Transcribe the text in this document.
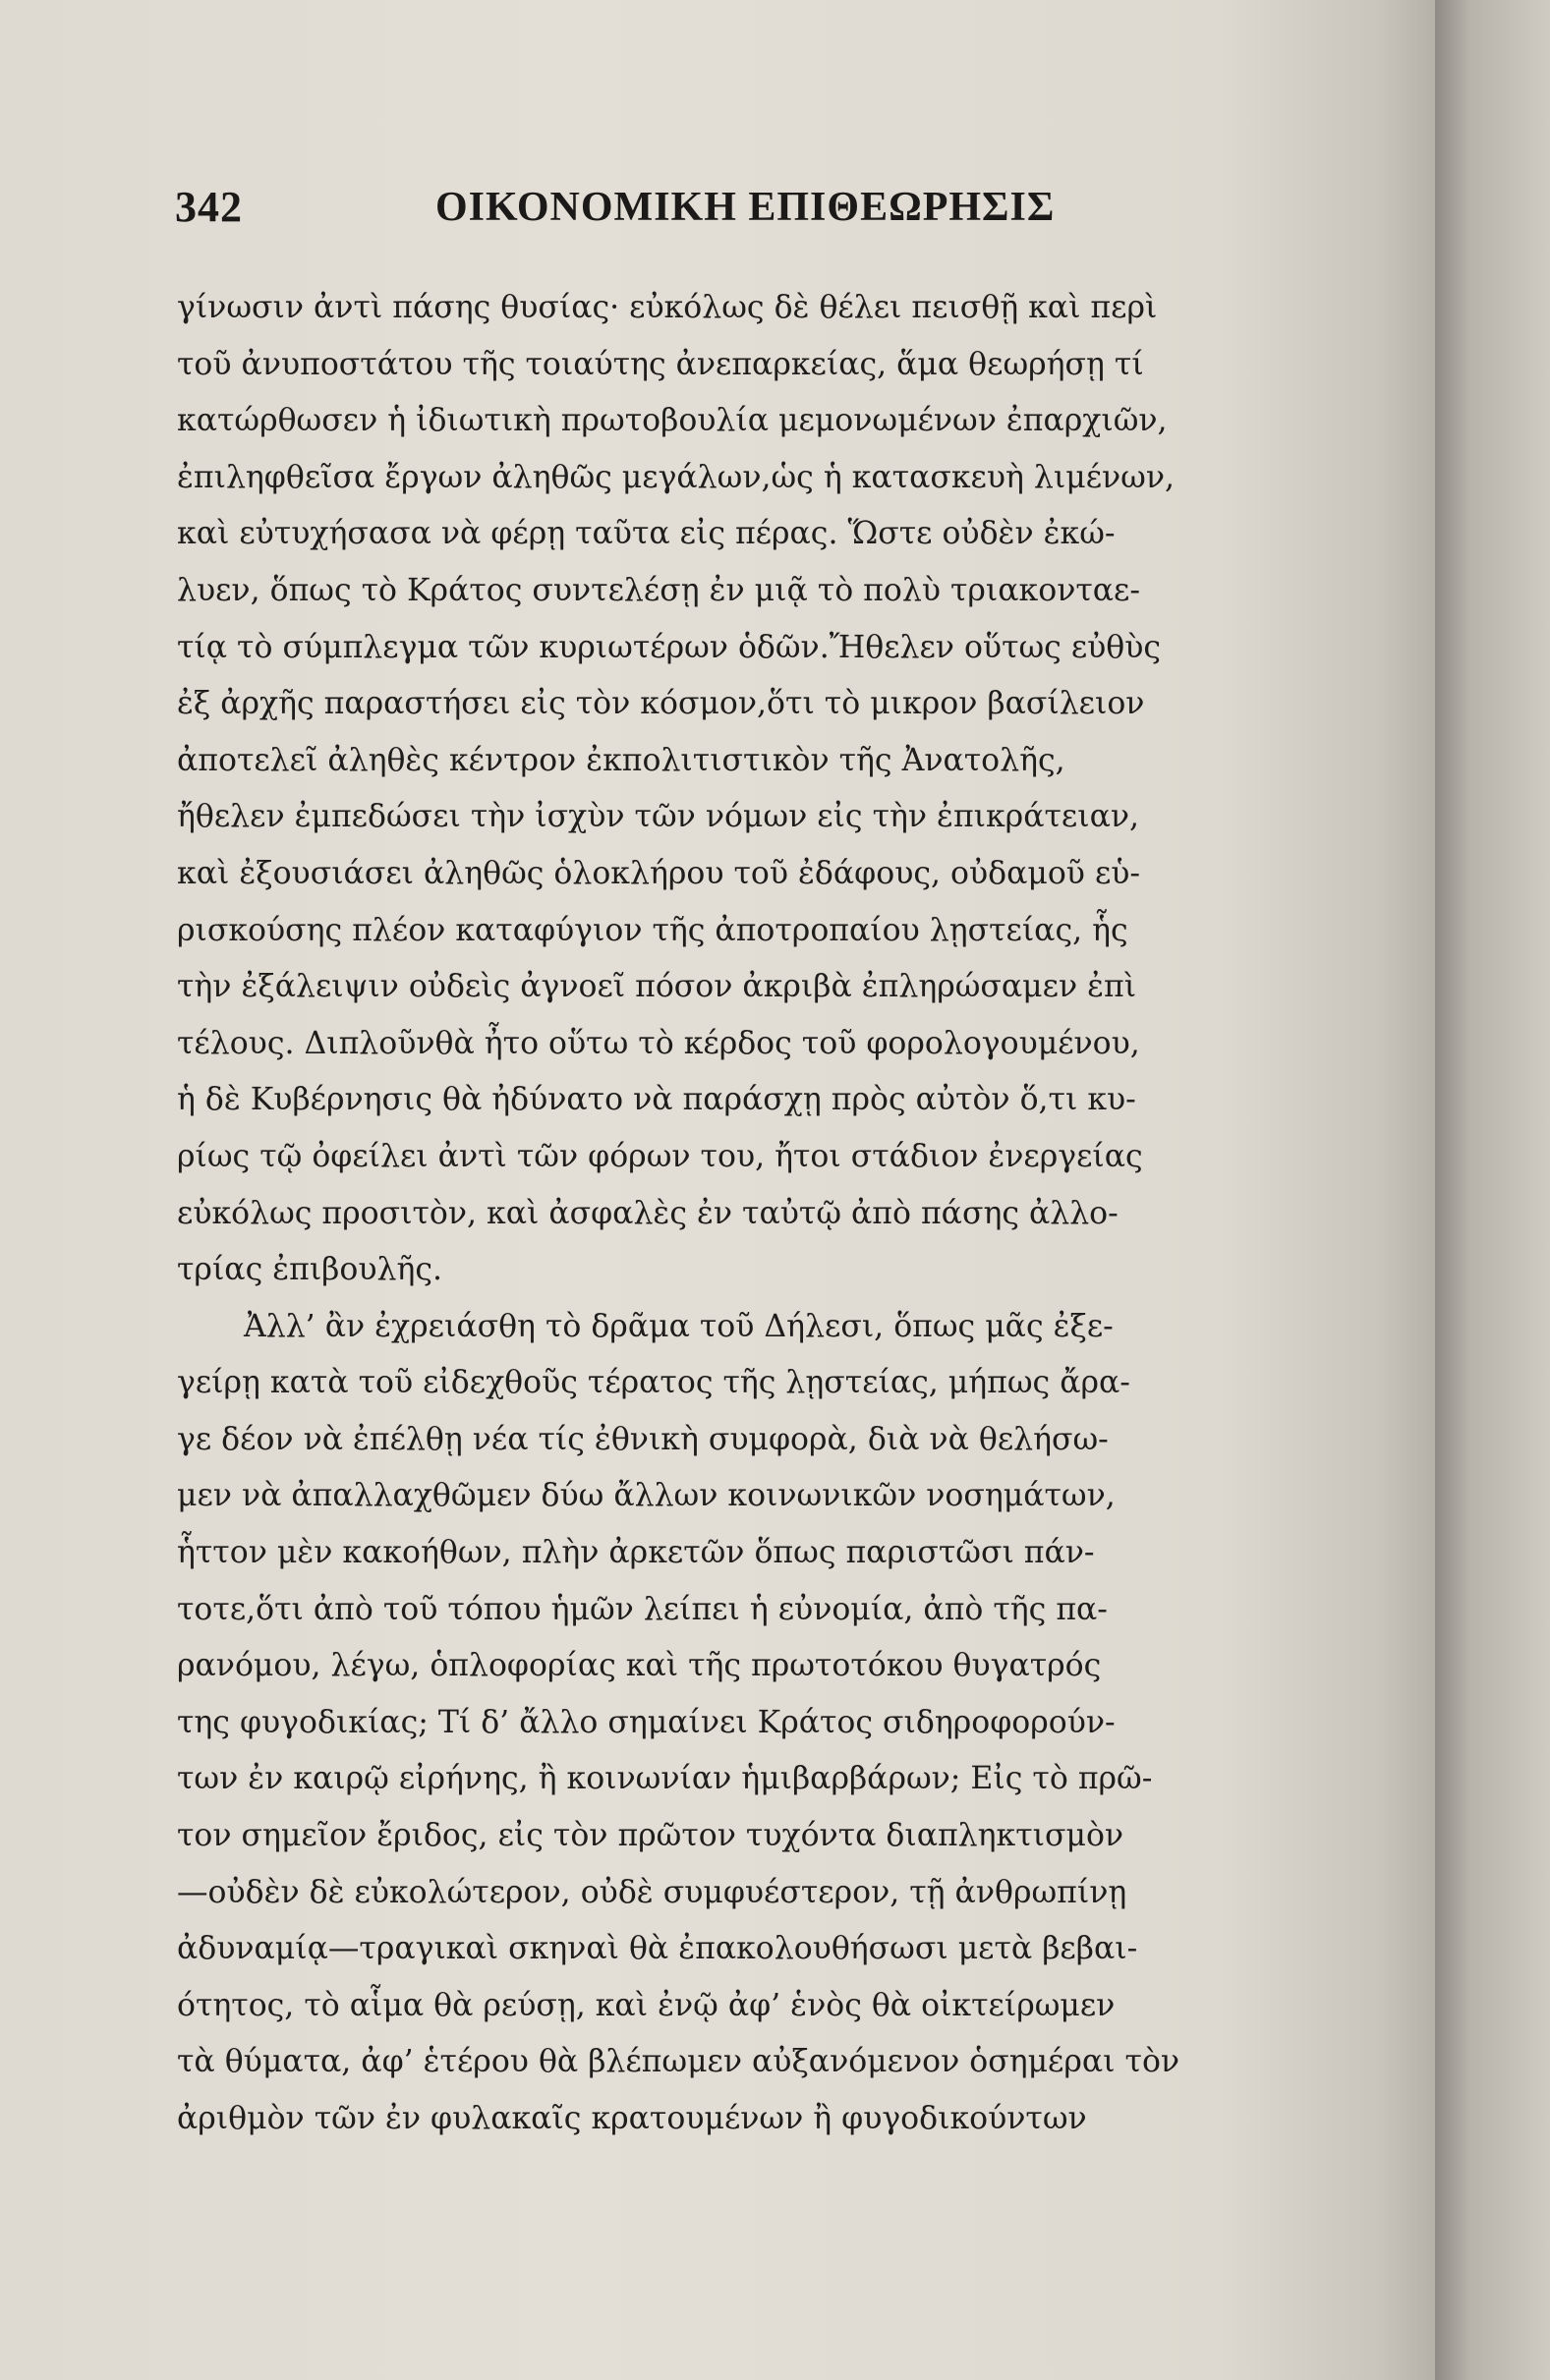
342	ΟΙΚΟΝΟΜΙΚΗ ΕΠΙΘΕΩΡΗΣΙΣ
γίνωσιν ἀντὶ πάσης θυσίας· εὐκόλως δὲ θέλει πεισθῇ καὶ περὶ
τοῦ ἀνυποστάτου τῆς τοιαύτης ἀνεπαρκείας, ἅμα θεωρήσῃ τί
κατώρθωσεν ἡ ἰδιωτικὴ πρωτοβουλία μεμονωμένων ἐπαρχιῶν,
ἐπιληφθεῖσα ἔργων ἀληθῶς μεγάλων,ὡς ἡ κατασκευὴ λιμένων,
καὶ εὐτυχήσασα νὰ φέρῃ ταῦτα εἰς πέρας. Ὥστε οὐδὲν ἐκώ-
λυεν, ὅπως τὸ Κράτος συντελέσῃ ἐν μιᾷ τὸ πολὺ τριακονταε-
τίᾳ τὸ σύμπλεγμα τῶν κυριωτέρων ὁδῶν.Ἤθελεν οὕτως εὐθὺς
ἐξ ἀρχῆς παραστήσει εἰς τὸν κόσμον,ὅτι τὸ μικρον βασίλειον
ἀποτελεῖ ἀληθὲς κέντρον ἐκπολιτιστικὸν τῆς Ἀνατολῆς,
ἤθελεν ἐμπεδώσει τὴν ἰσχὺν τῶν νόμων εἰς τὴν ἐπικράτειαν,
καὶ ἐξουσιάσει ἀληθῶς ὁλοκλήρου τοῦ ἐδάφους, οὐδαμοῦ εὑ-
ρισκούσης πλέον καταφύγιον τῆς ἀποτροπαίου λῃστείας, ἧς
τὴν ἐξάλειψιν οὐδεὶς ἀγνοεῖ πόσον ἀκριβὰ ἐπληρώσαμεν ἐπὶ
τέλους. Διπλοῦνθὰ ἦτο οὕτω τὸ κέρδος τοῦ φορολογουμένου,
ἡ δὲ Κυβέρνησις θὰ ἠδύνατο νὰ παράσχῃ πρὸς αὐτὸν ὅ,τι κυ-
ρίως τῷ ὀφείλει ἀντὶ τῶν φόρων του, ἤτοι στάδιον ἐνεργείας
εὐκόλως προσιτὸν, καὶ ἀσφαλὲς ἐν ταὐτῷ ἀπὸ πάσης ἀλλο-
τρίας ἐπιβουλῆς.
Ἀλλ’ ἂν ἐχρειάσθη τὸ δρᾶμα τοῦ Δήλεσι, ὅπως μᾶς ἐξε-
γείρῃ κατὰ τοῦ εἰδεχθοῦς τέρατος τῆς λῃστείας, μήπως ἄρα-
γε δέον νὰ ἐπέλθῃ νέα τίς ἐθνικὴ συμφορὰ, διὰ νὰ θελήσω-
μεν νὰ ἀπαλλαχθῶμεν δύω ἄλλων κοινωνικῶν νοσημάτων,
ἧττον μὲν κακοήθων, πλὴν ἀρκετῶν ὅπως παριστῶσι πάν-
τοτε,ὅτι ἀπὸ τοῦ τόπου ἡμῶν λείπει ἡ εὐνομία, ἀπὸ τῆς πα-
ρανόμου, λέγω, ὁπλοφορίας καὶ τῆς πρωτοτόκου θυγατρός
της φυγοδικίας; Τί δ’ ἄλλο σημαίνει Κράτος σιδηροφορούν-
των ἐν καιρῷ εἰρήνης, ἢ κοινωνίαν ἡμιβαρβάρων; Εἰς τὸ πρῶ-
τον σημεῖον ἔριδος, εἰς τὸν πρῶτον τυχόντα διαπληκτισμὸν
—οὐδὲν δὲ εὐκολώτερον, οὐδὲ συμφυέστερον, τῇ ἀνθρωπίνῃ
ἀδυναμίᾳ—τραγικαὶ σκηναὶ θὰ ἐπακολουθήσωσι μετὰ βεβαι-
ότητος, τὸ αἷμα θὰ ρεύσῃ, καὶ ἐνῷ ἀφ’ ἑνὸς θὰ οἰκτείρωμεν
τὰ θύματα, ἀφ’ ἑτέρου θὰ βλέπωμεν αὐξανόμενον ὁσημέραι τὸν
ἀριθμὸν τῶν ἐν φυλακαῖς κρατουμένων ἢ φυγοδικούντων
